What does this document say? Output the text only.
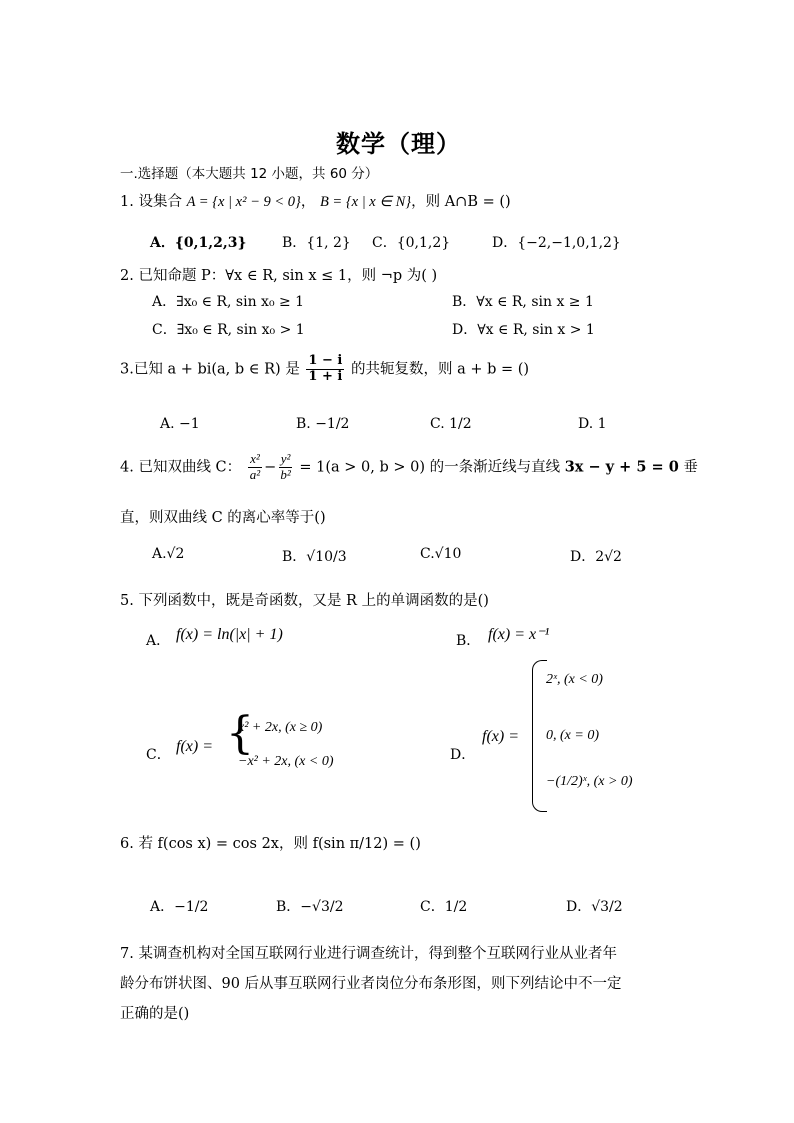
数学（理）
一.选择题（本大题共 12 小题，共 60 分）
1. 设集合 A = {x | x² − 9 < 0}， B = {x | x ∈ N}，则 A∩B = ()
A．{0,1,2,3}	B．{1, 2} C．{0,1,2}	D．{−2,−1,0,1,2}
2. 已知命题 P：∀x ∈ R, sin x ≤ 1，则 ¬p 为( )
A．∃x₀ ∈ R, sin x₀ ≥ 1	B．∀x ∈ R, sin x ≥ 1
C．∃x₀ ∈ R, sin x₀ > 1	D．∀x ∈ R, sin x > 1
3.已知 a + bi(a, b ∈ R) 是 $\frac{1 - i}{1 + i}$ 的共轭复数，则 a + b = ()
A. −1	B. −1/2	C. 1/2	D. 1
4. 已知双曲线 C： $\frac{\text{x²}}{\text{a²}} - \frac{\text{y²}}{\text{b²}} = 1(a > 0$, b > 0) 的一条渐近线与直线 3x − y + 5 = 0 垂
直，则双曲线 C 的离心率等于()
A.√2	B．√10/3	C.√10	D．2√2
5. 下列函数中，既是奇函数，又是 R 上的单调函数的是()
A． f(x) = ln(|x| + 1)	B． f(x) = x⁻¹
C． f(x) = {
x² + 2x, (x ≥ 0)
−x² + 2x, (x < 0)	D．
f(x) =
2ˣ, (x < 0)
0, (x = 0)
−(1/2)ˣ, (x > 0)
6. 若 f(cos x) = cos 2x，则 f(sin π/12) = ()
A．−1/2	B．−√3/2	C．1/2	D．√3/2
7. 某调查机构对全国互联网行业进行调查统计，得到整个互联网行业从业者年
龄分布饼状图、90 后从事互联网行业者岗位分布条形图，则下列结论中不一定
正确的是()
